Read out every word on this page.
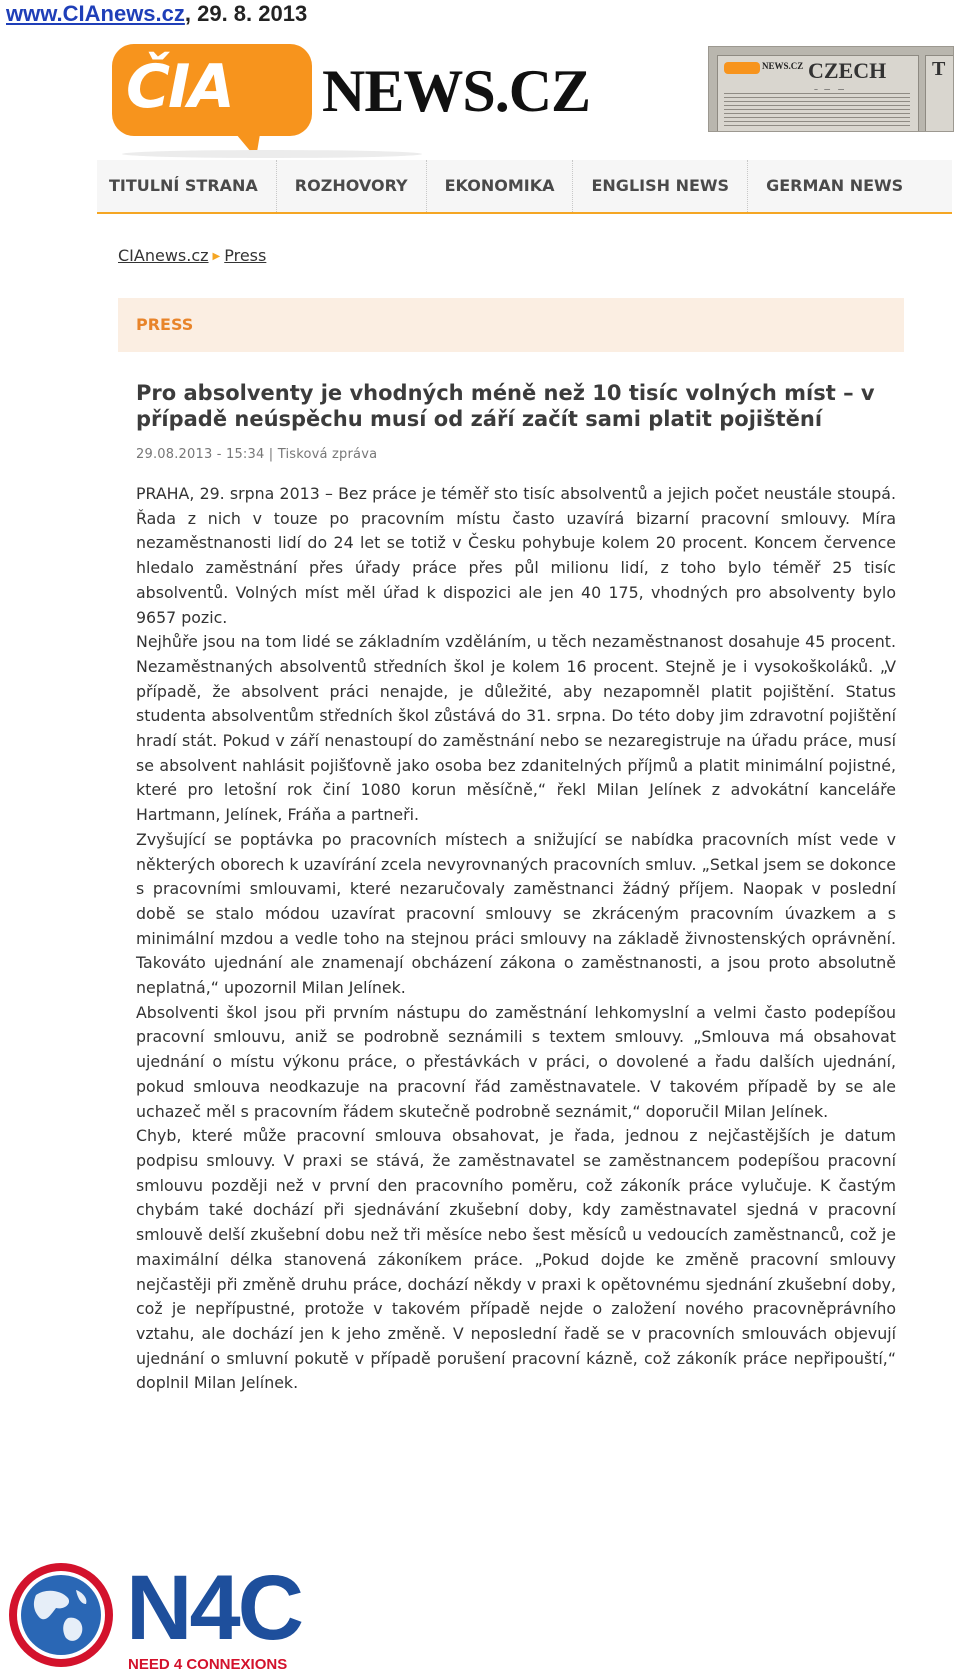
www.CIAnews.cz, 29. 8. 2013
ČIA NEWS.CZ	NEWS.CZ CZECH	T
TITULNÍ STRANA	ROZHOVORY	EKONOMIKA	ENGLISH NEWS	GERMAN NEWS
CIAnews.cz ▶ Press
PRESS
Pro absolventy je vhodných méně než 10 tisíc volných míst – v případě neúspěchu musí od září začít sami platit pojištění
29.08.2013 - 15:34 | Tisková zpráva

PRAHA, 29. srpna 2013 – Bez práce je téměř sto tisíc absolventů a jejich počet neustále stoupá. Řada z nich v touze po pracovním místu často uzavírá bizarní pracovní smlouvy. Míra nezaměstnanosti lidí do 24 let se totiž v Česku pohybuje kolem 20 procent. Koncem července hledalo zaměstnání přes úřady práce přes půl milionu lidí, z toho bylo téměř 25 tisíc absolventů. Volných míst měl úřad k dispozici ale jen 40 175, vhodných pro absolventy bylo 9657 pozic.

Nejhůře jsou na tom lidé se základním vzděláním, u těch nezaměstnanost dosahuje 45 procent. Nezaměstnaných absolventů středních škol je kolem 16 procent. Stejně je i vysokoškoláků. „V případě, že absolvent práci nenajde, je důležité, aby nezapomněl platit pojištění. Status studenta absolventům středních škol zůstává do 31. srpna. Do této doby jim zdravotní pojištění hradí stát. Pokud v září nenastoupí do zaměstnání nebo se nezaregistruje na úřadu práce, musí se absolvent nahlásit pojišťovně jako osoba bez zdanitelných příjmů a platit minimální pojistné, které pro letošní rok činí 1080 korun měsíčně,“ řekl Milan Jelínek z advokátní kanceláře Hartmann, Jelínek, Fráňa a partneři.

Zvyšující se poptávka po pracovních místech a snižující se nabídka pracovních míst vede v některých oborech k uzavírání zcela nevyrovnaných pracovních smluv. „Setkal jsem se dokonce s pracovními smlouvami, které nezaručovaly zaměstnanci žádný příjem. Naopak v poslední době se stalo módou uzavírat pracovní smlouvy se zkráceným pracovním úvazkem a s minimální mzdou a vedle toho na stejnou práci smlouvy na základě živnostenských oprávnění. Takováto ujednání ale znamenají obcházení zákona o zaměstnanosti, a jsou proto absolutně neplatná,“ upozornil Milan Jelínek.

Absolventi škol jsou při prvním nástupu do zaměstnání lehkomyslní a velmi často podepíšou pracovní smlouvu, aniž se podrobně seznámili s textem smlouvy. „Smlouva má obsahovat ujednání o místu výkonu práce, o přestávkách v práci, o dovolené a řadu dalších ujednání, pokud smlouva neodkazuje na pracovní řád zaměstnavatele. V takovém případě by se ale uchazeč měl s pracovním řádem skutečně podrobně seznámit,“ doporučil Milan Jelínek.

Chyb, které může pracovní smlouva obsahovat, je řada, jednou z nejčastějších je datum podpisu smlouvy. V praxi se stává, že zaměstnavatel se zaměstnancem podepíšou pracovní smlouvu později než v první den pracovního poměru, což zákoník práce vylučuje. K častým chybám také dochází při sjednávání zkušební doby, kdy zaměstnavatel sjedná v pracovní smlouvě delší zkušební dobu než tři měsíce nebo šest měsíců u vedoucích zaměstnanců, což je maximální délka stanovená zákoníkem práce. „Pokud dojde ke změně pracovní smlouvy nejčastěji při změně druhu práce, dochází někdy v praxi k opětovnému sjednání zkušební doby, což je nepřípustné, protože v takovém případě nejde o založení nového pracovněprávního vztahu, ale dochází jen k jeho změně. V neposlední řadě se v pracovních smlouvách objevují ujednání o smluvní pokutě v případě porušení pracovní kázně, což zákoník práce nepřipouští,“ doplnil Milan Jelínek.

N4C
NEED 4 CONNEXIONS
